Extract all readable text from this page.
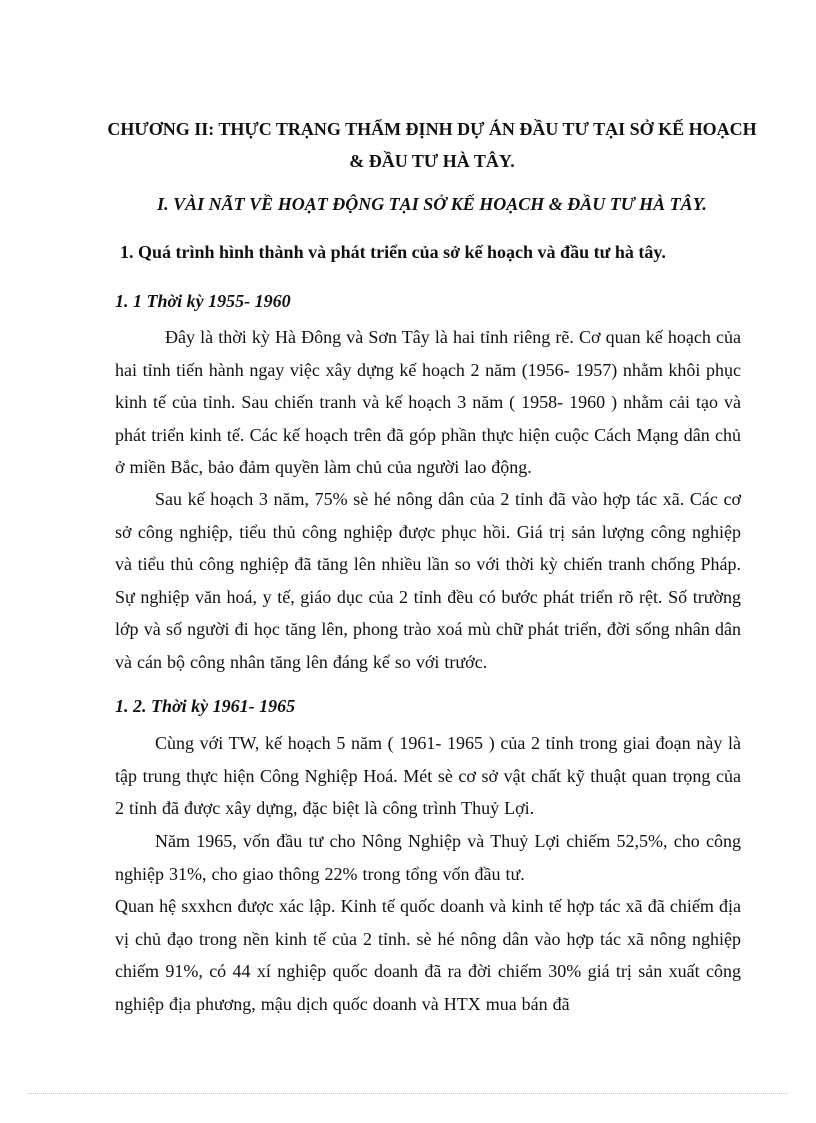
CHƯƠNG II: THỰC TRẠNG THẨM ĐỊNH DỰ ÁN ĐẦU TƯ TẠI SỞ KẾ HOẠCH & ĐẦU TƯ HÀ TÂY.
I. VÀI NÃT VỀ HOẠT ĐỘNG TẠI SỞ KẾ HOẠCH & ĐẦU TƯ HÀ TÂY.
1. Quá trình hình thành và phát triển của sở kế hoạch và đầu tư hà tây.
1. 1 Thời kỳ 1955- 1960

Đây là thời kỳ Hà Đông và Sơn Tây là hai tỉnh riêng rẽ. Cơ quan kế hoạch của hai tỉnh tiến hành ngay việc xây dựng kế hoạch 2 năm (1956- 1957) nhằm khôi phục kinh tế của tỉnh. Sau chiến tranh và kế hoạch 3 năm ( 1958- 1960 ) nhằm cải tạo và phát triển kinh tế. Các kế hoạch trên đã góp phần thực hiện cuộc Cách Mạng dân chủ ở miền Bắc, bảo đảm quyền làm chủ của người lao động.

Sau kế hoạch 3 năm, 75% sè hé nông dân của 2 tỉnh đã vào hợp tác xã. Các cơ sở công nghiệp, tiểu thủ công nghiệp được phục hồi. Giá trị sản lượng công nghiệp và tiểu thủ công nghiệp đã tăng lên nhiều lần so với thời kỳ chiến tranh chống Pháp. Sự nghiệp văn hoá, y tế, giáo dục của 2 tỉnh đều có bước phát triển rõ rệt. Số trường lớp và số người đi học tăng lên, phong trào xoá mù chữ phát triển, đời sống nhân dân và cán bộ công nhân tăng lên đáng kể so với trước.

1. 2. Thời kỳ 1961- 1965

Cùng với TW, kế hoạch 5 năm ( 1961- 1965 ) của 2 tỉnh trong giai đoạn này là tập trung thực hiện Công Nghiệp Hoá. Mét sè cơ sở vật chất kỹ thuật quan trọng của 2 tỉnh đã được xây dựng, đặc biệt là công trình Thuỷ Lợi.

Năm 1965, vốn đầu tư cho Nông Nghiệp và Thuỷ Lợi chiếm 52,5%, cho công nghiệp 31%, cho giao thông 22% trong tổng vốn đầu tư.

Quan hệ sxxhcn được xác lập. Kinh tế quốc doanh và kinh tế hợp tác xã đã chiếm địa vị chủ đạo trong nền kinh tế của 2 tỉnh. sè hé nông dân vào hợp tác xã nông nghiệp chiếm 91%, có 44 xí nghiệp quốc doanh đã ra đời chiếm 30% giá trị sản xuất công nghiệp địa phương, mậu dịch quốc doanh và HTX mua bán đã
